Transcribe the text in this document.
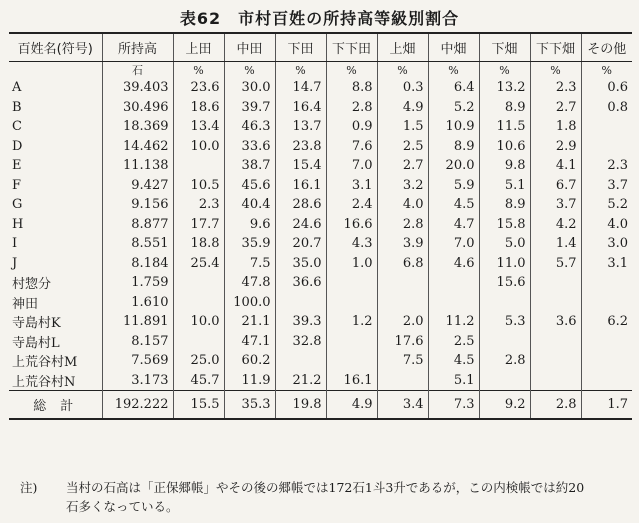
表62　市村百姓の所持高等級別割合
百姓名(符号)	所持高	上田	中田	下田	下下田	上畑	中畑	下畑	下下畑	その他
	石	%	%	%	%	%	%	%	%	%
A	39.403	23.6	30.0	14.7	8.8	0.3	6.4	13.2	2.3	0.6
B	30.496	18.6	39.7	16.4	2.8	4.9	5.2	8.9	2.7	0.8
C	18.369	13.4	46.3	13.7	0.9	1.5	10.9	11.5	1.8	
D	14.462	10.0	33.6	23.8	7.6	2.5	8.9	10.6	2.9	
E	11.138		38.7	15.4	7.0	2.7	20.0	9.8	4.1	2.3
F	9.427	10.5	45.6	16.1	3.1	3.2	5.9	5.1	6.7	3.7
G	9.156	2.3	40.4	28.6	2.4	4.0	4.5	8.9	3.7	5.2
H	8.877	17.7	9.6	24.6	16.6	2.8	4.7	15.8	4.2	4.0
I	8.551	18.8	35.9	20.7	4.3	3.9	7.0	5.0	1.4	3.0
J	8.184	25.4	7.5	35.0	1.0	6.8	4.6	11.0	5.7	3.1
村惣分	1.759		47.8	36.6				15.6		
神田	1.610		100.0							
寺島村K	11.891	10.0	21.1	39.3	1.2	2.0	11.2	5.3	3.6	6.2
寺島村L	8.157		47.1	32.8		17.6	2.5			
上荒谷村M	7.569	25.0	60.2			7.5	4.5	2.8		
上荒谷村N	3.173	45.7	11.9	21.2	16.1		5.1			
総計	192.222	15.5	35.3	19.8	4.9	3.4	7.3	9.2	2.8	1.7
注) 当村の石高は「正保郷帳」やその後の郷帳では172石1斗3升であるが，この内検帳では約20
石多くなっている。
